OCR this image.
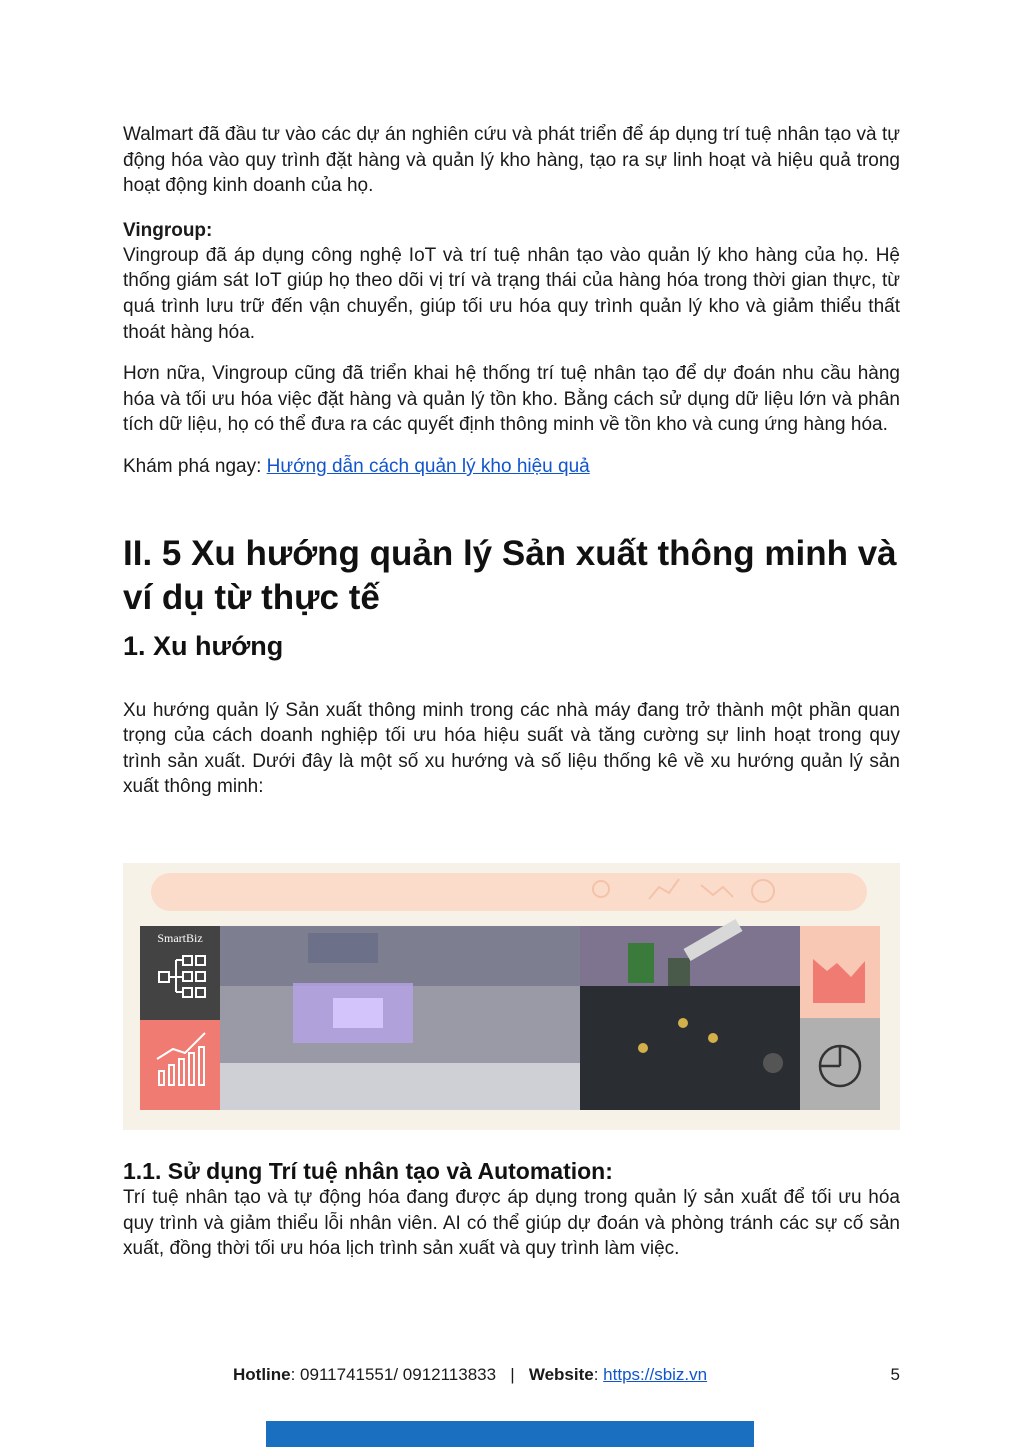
Walmart đã đầu tư vào các dự án nghiên cứu và phát triển để áp dụng trí tuệ nhân tạo và tự động hóa vào quy trình đặt hàng và quản lý kho hàng, tạo ra sự linh hoạt và hiệu quả trong hoạt động kinh doanh của họ.

Vingroup:

Vingroup đã áp dụng công nghệ IoT và trí tuệ nhân tạo vào quản lý kho hàng của họ. Hệ thống giám sát IoT giúp họ theo dõi vị trí và trạng thái của hàng hóa trong thời gian thực, từ quá trình lưu trữ đến vận chuyển, giúp tối ưu hóa quy trình quản lý kho và giảm thiểu thất thoát hàng hóa.

Hơn nữa, Vingroup cũng đã triển khai hệ thống trí tuệ nhân tạo để dự đoán nhu cầu hàng hóa và tối ưu hóa việc đặt hàng và quản lý tồn kho. Bằng cách sử dụng dữ liệu lớn và phân tích dữ liệu, họ có thể đưa ra các quyết định thông minh về tồn kho và cung ứng hàng hóa.

Khám phá ngay: Hướng dẫn cách quản lý kho hiệu quả

II. 5 Xu hướng quản lý Sản xuất thông minh và ví dụ từ thực tế
1. Xu hướng

Xu hướng quản lý Sản xuất thông minh trong các nhà máy đang trở thành một phần quan trọng của cách doanh nghiệp tối ưu hóa hiệu suất và tăng cường sự linh hoạt trong quy trình sản xuất. Dưới đây là một số xu hướng và số liệu thống kê về xu hướng quản lý sản xuất thông minh:

SmartBiz
1.1. Sử dụng Trí tuệ nhân tạo và Automation:

Trí tuệ nhân tạo và tự động hóa đang được áp dụng trong quản lý sản xuất để tối ưu hóa quy trình và giảm thiểu lỗi nhân viên. AI có thể giúp dự đoán và phòng tránh các sự cố sản xuất, đồng thời tối ưu hóa lịch trình sản xuất và quy trình làm việc.

Hotline: 0911741551/ 0912113833 | Website: https://sbiz.vn	5
